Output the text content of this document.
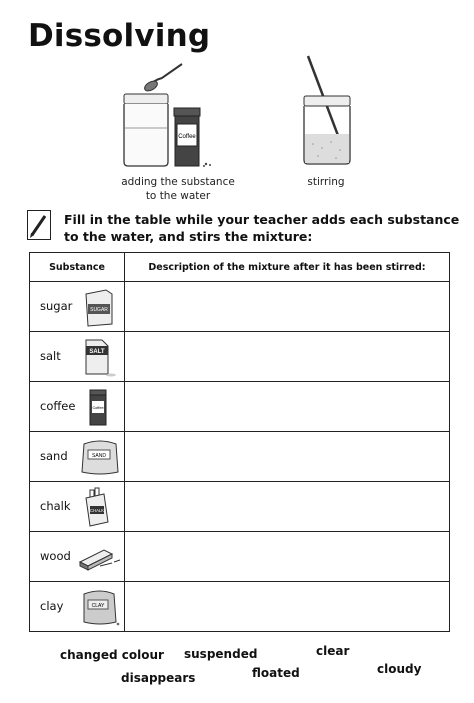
Dissolving
Coffee
adding the substance
to the water
stirring
Fill in the table while your teacher adds each substance to the water, and stirs the mixture:
Substance	Description of the mixture after it has been stirred:

sugar SUGAR	

salt SALT	

coffee Coffee	

sand SAND	

chalk CHALK	

wood	

clay CLAY	

changed colour suspended	clear
cloudy
floated
disappears
